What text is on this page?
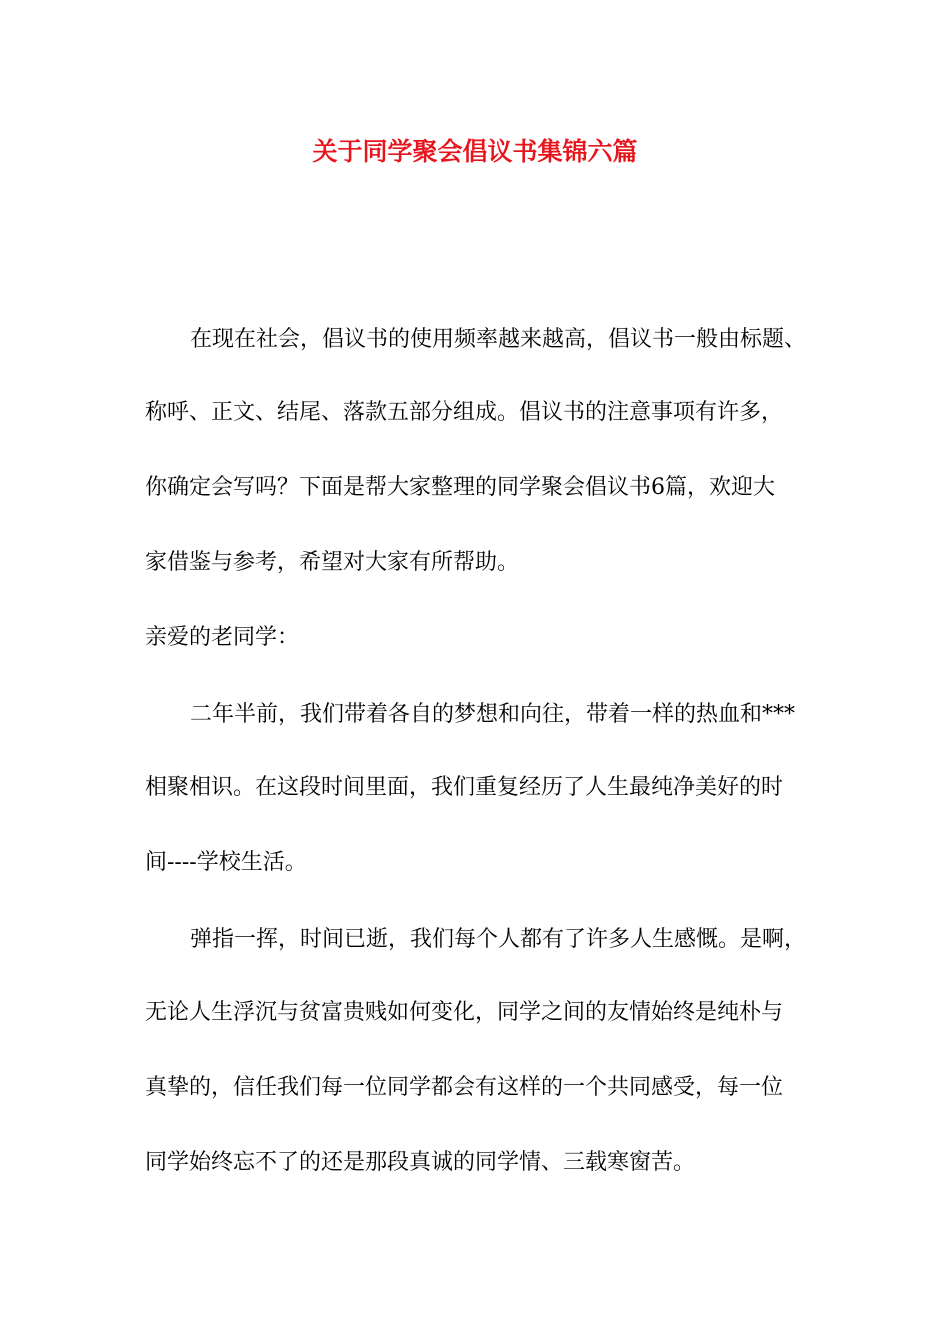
关于同学聚会倡议书集锦六篇

在现在社会，倡议书的使用频率越来越高，倡议书一般由标题、

称呼、正文、结尾、落款五部分组成。倡议书的注意事项有许多，

你确定会写吗？下面是帮大家整理的同学聚会倡议书6篇，欢迎大

家借鉴与参考，希望对大家有所帮助。

亲爱的老同学：

二年半前，我们带着各自的梦想和向往，带着一样的热血和***

相聚相识。在这段时间里面，我们重复经历了人生最纯净美好的时

间----学校生活。

弹指一挥，时间已逝，我们每个人都有了许多人生感慨。是啊，

无论人生浮沉与贫富贵贱如何变化，同学之间的友情始终是纯朴与

真挚的，信任我们每一位同学都会有这样的一个共同感受，每一位

同学始终忘不了的还是那段真诚的同学情、三载寒窗苦。
